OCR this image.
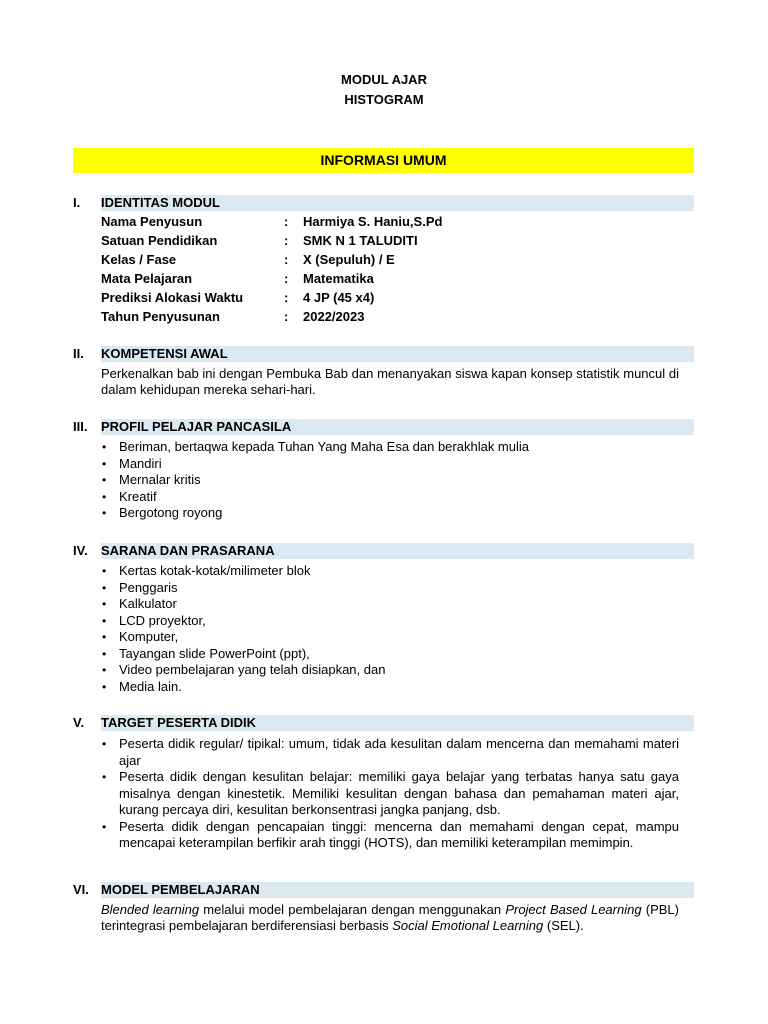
MODUL AJAR
HISTOGRAM
INFORMASI UMUM
I. IDENTITAS MODUL
Nama Penyusun	: Harmiya S. Haniu,S.Pd
Satuan Pendidikan	: SMK N 1 TALUDITI
Kelas / Fase	: X (Sepuluh) / E
Mata Pelajaran	: Matematika
Prediksi Alokasi Waktu	: 4 JP (45 x4)
Tahun Penyusunan	: 2022/2023
II. KOMPETENSI AWAL
Perkenalkan bab ini dengan Pembuka Bab dan menanyakan siswa kapan konsep statistik muncul di dalam kehidupan mereka sehari-hari.
III. PROFIL PELAJAR PANCASILA
• Beriman, bertaqwa kepada Tuhan Yang Maha Esa dan berakhlak mulia
• Mandiri
• Mernalar kritis
• Kreatif
• Bergotong royong
IV. SARANA DAN PRASARANA
• Kertas kotak-kotak/milimeter blok
• Penggaris
• Kalkulator
• LCD proyektor,
• Komputer,
• Tayangan slide PowerPoint (ppt),
• Video pembelajaran yang telah disiapkan, dan
• Media lain.
V. TARGET PESERTA DIDIK
• Peserta didik regular/ tipikal: umum, tidak ada kesulitan dalam mencerna dan memahami materi ajar
• Peserta didik dengan kesulitan belajar: memiliki gaya belajar yang terbatas hanya satu gaya misalnya dengan kinestetik. Memiliki kesulitan dengan bahasa dan pemahaman materi ajar, kurang percaya diri, kesulitan berkonsentrasi jangka panjang, dsb.
• Peserta didik dengan pencapaian tinggi: mencerna dan memahami dengan cepat, mampu mencapai keterampilan berfikir arah tinggi (HOTS), dan memiliki keterampilan memimpin.
VI. MODEL PEMBELAJARAN
Blended learning melalui model pembelajaran dengan menggunakan Project Based Learning (PBL) terintegrasi pembelajaran berdiferensiasi berbasis Social Emotional Learning (SEL).
